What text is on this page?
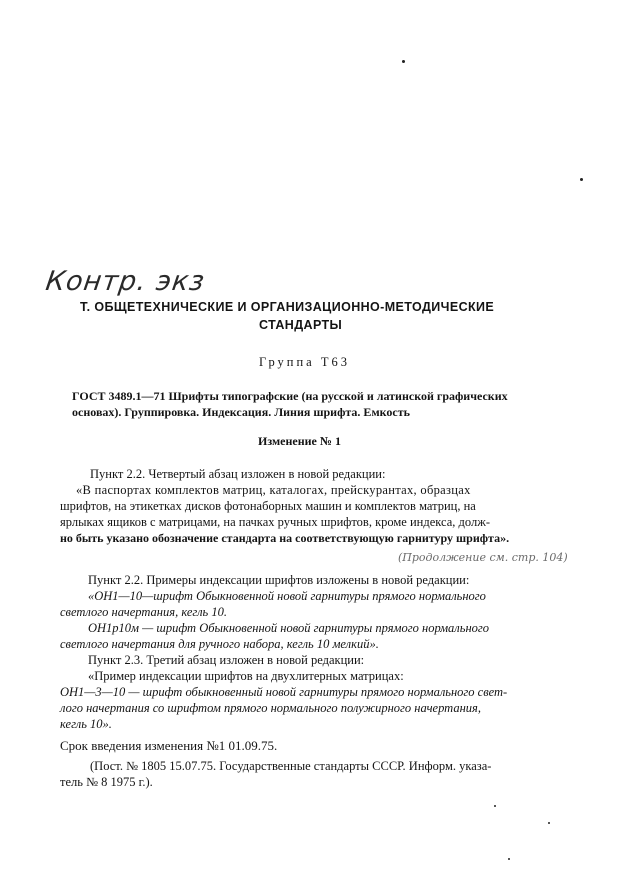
Контр. экз
Т. ОБЩЕТЕХНИЧЕСКИЕ И ОРГАНИЗАЦИОННО-МЕТОДИЧЕСКИЕ
СТАНДАРТЫ
Группа Т63
ГОСТ 3489.1—71 Шрифты типографские (на русской и латинской графических
основах). Группировка. Индексация. Линия шрифта. Емкость
Изменение № 1
Пункт 2.2. Четвертый абзац изложен в новой редакции:
«В паспортах комплектов матриц, каталогах, прейскурантах, образцах
шрифтов, на этикетках дисков фотонаборных машин и комплектов матриц, на
ярлыках ящиков с матрицами, на пачках ручных шрифтов, кроме индекса, долж-
но быть указано обозначение стандарта на соответствующую гарнитуру шрифта».
(Продолжение см. стр. 104)
Пункт 2.2. Примеры индексации шрифтов изложены в новой редакции:
«ОН1—10—шрифт Обыкновенной новой гарнитуры прямого нормального
светлого начертания, кегль 10.
ОН1р10м — шрифт Обыкновенной новой гарнитуры прямого нормального
светлого начертания для ручного набора, кегль 10 мелкий».
Пункт 2.3. Третий абзац изложен в новой редакции:
«Пример индексации шрифтов на двухлитерных матрицах:
ОН1—3—10 — шрифт обыкновенный новой гарнитуры прямого нормального свет-
лого начертания со шрифтом прямого нормального полужирного начертания,
кегль 10».
Срок введения изменения №1 01.09.75.
(Пост. № 1805 15.07.75. Государственные стандарты СССР. Информ. указа-
тель № 8 1975 г.).
